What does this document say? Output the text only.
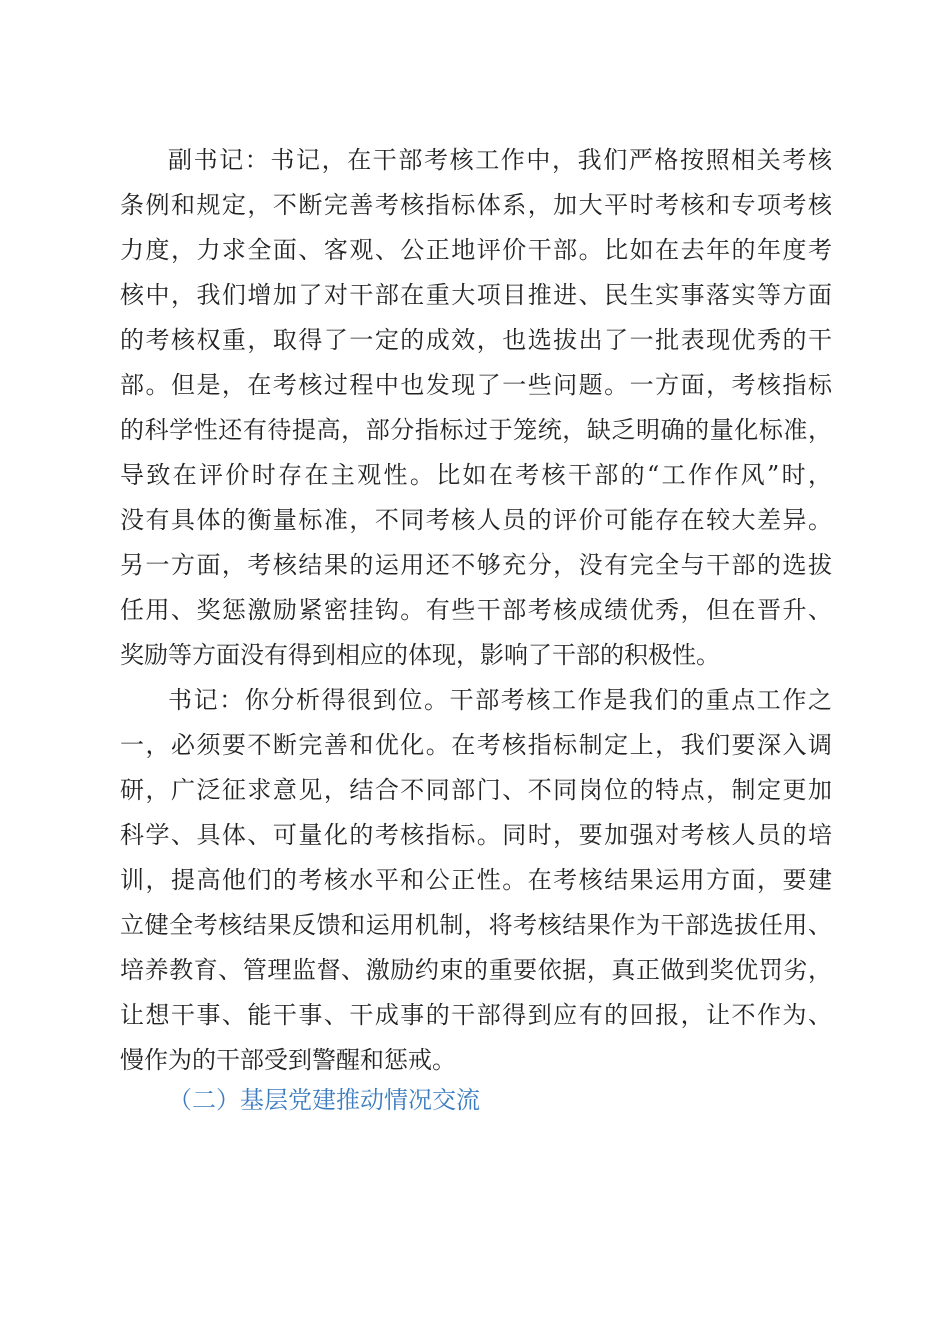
副书记：书记，在干部考核工作中，我们严格按照相关考核
条例和规定，不断完善考核指标体系，加大平时考核和专项考核
力度，力求全面、客观、公正地评价干部。比如在去年的年度考
核中，我们增加了对干部在重大项目推进、民生实事落实等方面
的考核权重，取得了一定的成效，也选拔出了一批表现优秀的干
部。但是，在考核过程中也发现了一些问题。一方面，考核指标
的科学性还有待提高，部分指标过于笼统，缺乏明确的量化标准，
导致在评价时存在主观性。比如在考核干部的“工作作风”时，
没有具体的衡量标准，不同考核人员的评价可能存在较大差异。
另一方面，考核结果的运用还不够充分，没有完全与干部的选拔
任用、奖惩激励紧密挂钩。有些干部考核成绩优秀，但在晋升、
奖励等方面没有得到相应的体现，影响了干部的积极性。
书记：你分析得很到位。干部考核工作是我们的重点工作之
一，必须要不断完善和优化。在考核指标制定上，我们要深入调
研，广泛征求意见，结合不同部门、不同岗位的特点，制定更加
科学、具体、可量化的考核指标。同时，要加强对考核人员的培
训，提高他们的考核水平和公正性。在考核结果运用方面，要建
立健全考核结果反馈和运用机制，将考核结果作为干部选拔任用、
培养教育、管理监督、激励约束的重要依据，真正做到奖优罚劣，
让想干事、能干事、干成事的干部得到应有的回报，让不作为、
慢作为的干部受到警醒和惩戒。
（二）基层党建推动情况交流
